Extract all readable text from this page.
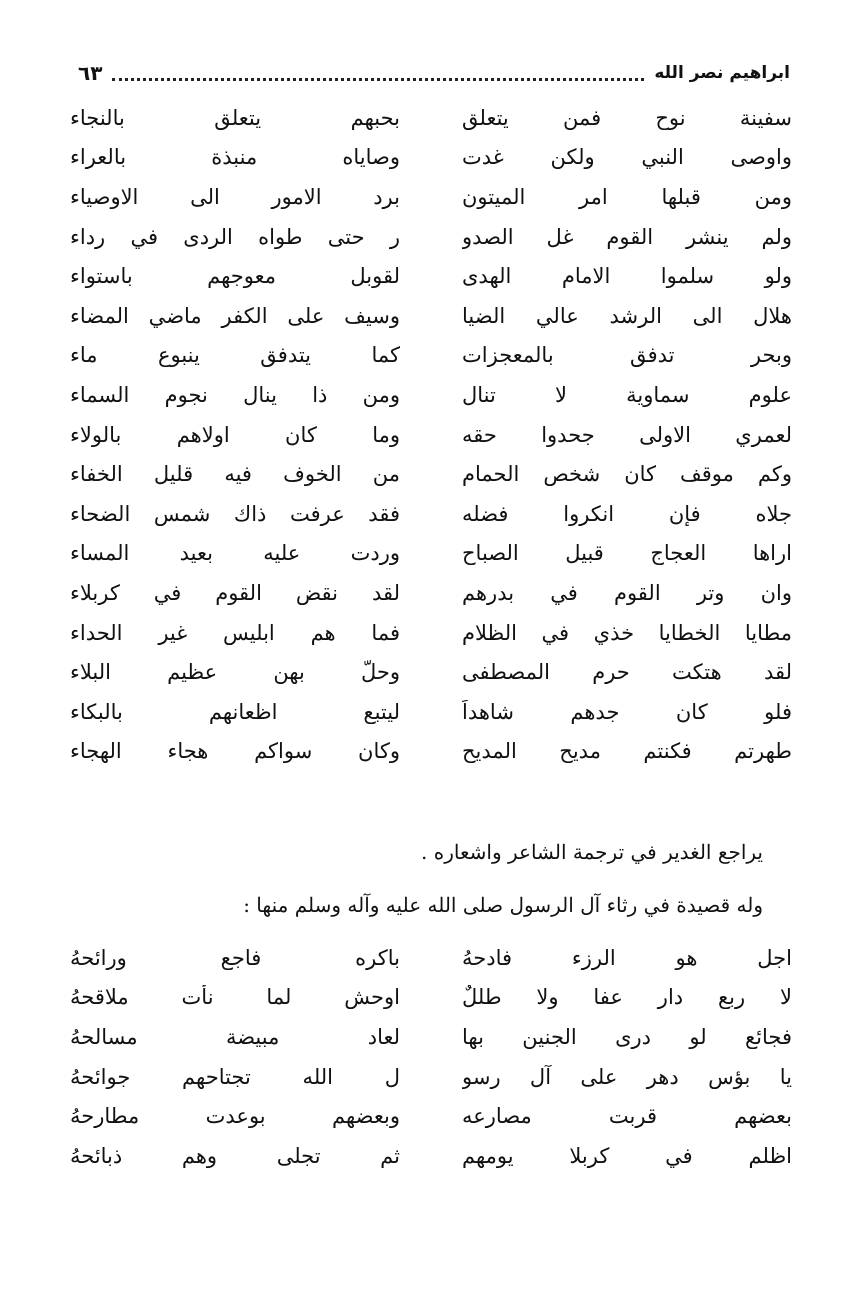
ابراهيم نصر الله
٦٣
سفينة نوح فمن يتعلق
بحبهم يتعلق بالنجاء
واوصى النبي ولكن غدت
وصاياه منبذة بالعراء
ومن قبلها امر الميتون
برد الامور الى الاوصياء
ولم ينشر القوم غل الصدو
ر حتى طواه الردى في رداء
ولو سلموا الامام الهدى
لقوبل معوجهم باستواء
هلال الى الرشد عالي الضيا
وسيف على الكفر ماضي المضاء
وبحر تدفق بالمعجزات
كما يتدفق ينبوع ماء
علوم سماوية لا تنال
ومن ذا ينال نجوم السماء
لعمري الاولى جحدوا حقه
وما كان اولاهم بالولاء
وكم موقف كان شخص الحمام
من الخوف فيه قليل الخفاء
جلاه فإن انكروا فضله
فقد عرفت ذاك شمس الضحاء
اراها العجاج قبيل الصباح
وردت عليه بعيد المساء
وان وتر القوم في بدرهم
لقد نقض القوم في كربلاء
مطايا الخطايا خذي في الظلام
فما هم ابليس غير الحداء
لقد هتكت حرم المصطفى
وحلَّ بهن عظيم البلاء
فلو كان جدهم شاهداً
ليتبع اظعانهم بالبكاء
طهرتم فكنتم مديح المديح
وكان سواكم هجاء الهجاء
يراجع الغدير في ترجمة الشاعر واشعاره .
وله قصيدة في رثاء آل الرسول صلى الله عليه وآله وسلم منها :
اجل هو الرزء فادحهُ
باكره فاجع ورائحهُ
لا ربع دارٍ عفا ولا طللٌ
اوحش لما نأت ملاقحهُ
فجائع لو درى الجنين بها
لعاد مبيضة مسالحهُ
يا بؤس دهر على آل رسو
ل الله تجتاحهم جوائحهُ
بعضهم قربت مصارعه
وبعضهم بوعدت مطارحهُ
اظلم في كربلا يومهم
ثم تجلى وهم ذبائحهُ
